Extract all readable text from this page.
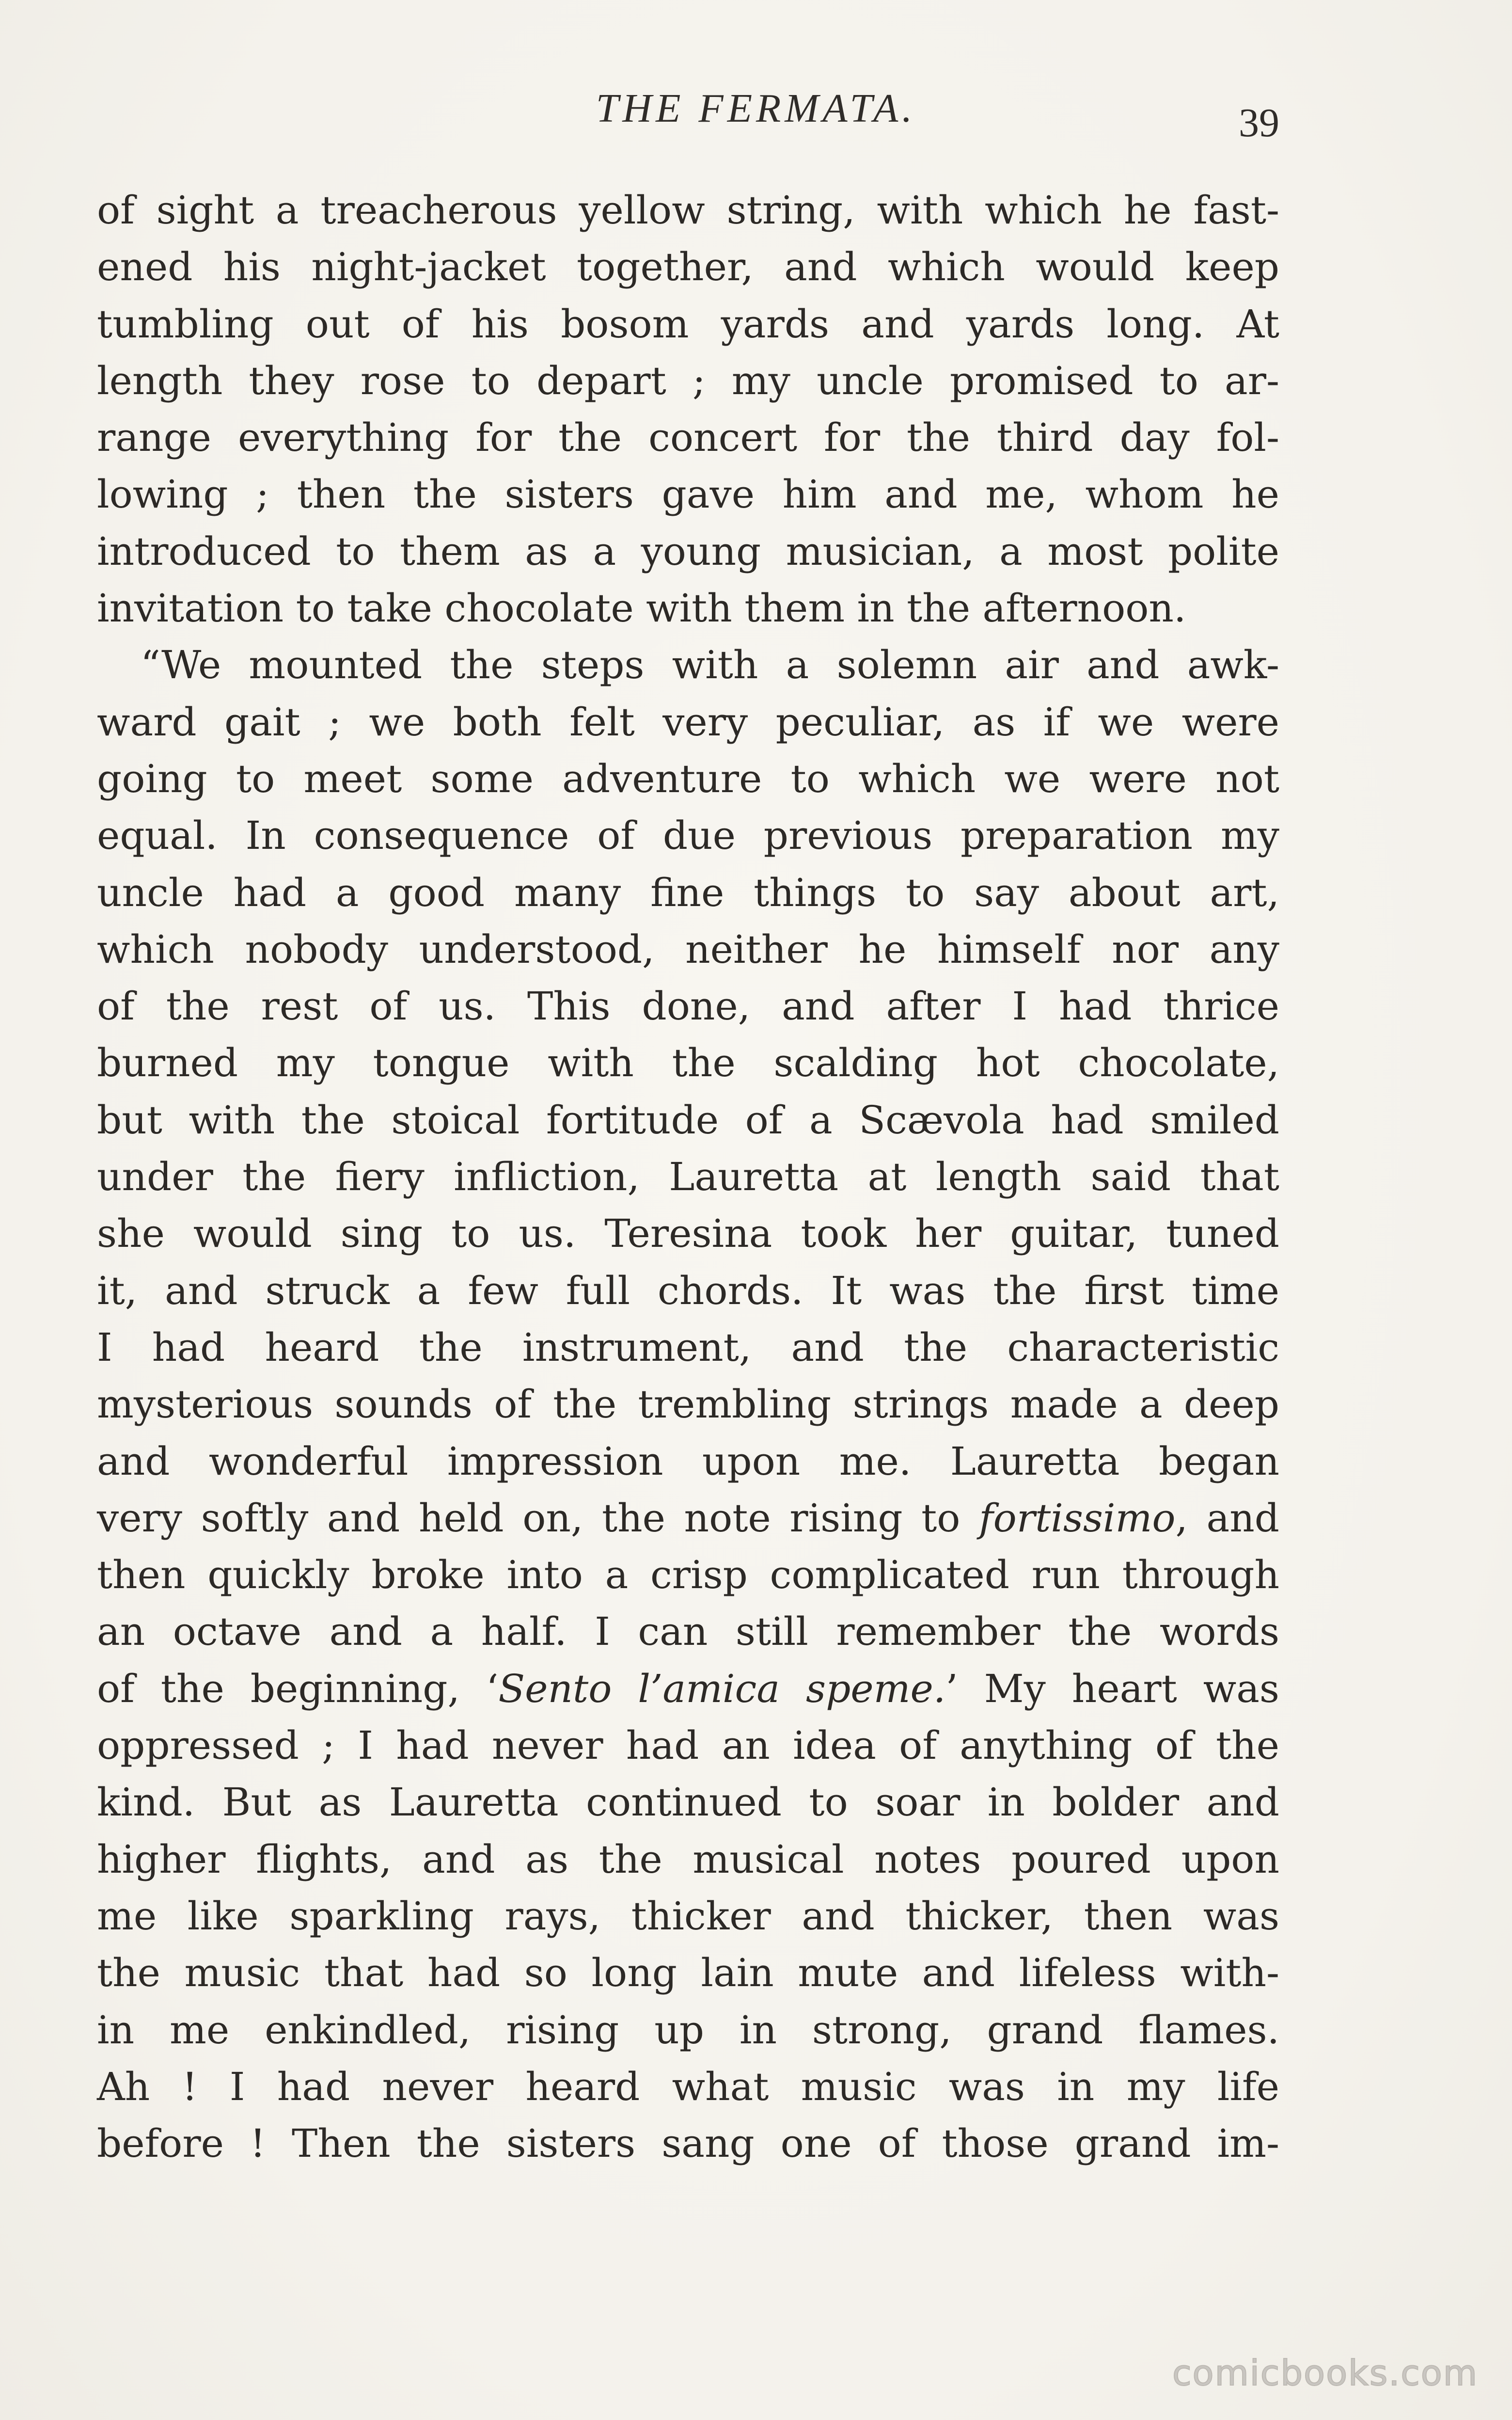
THE FERMATA.	39
of sight a treacherous yellow string, with which he fast-
ened his night-jacket together, and which would keep
tumbling out of his bosom yards and yards long. At
length they rose to depart ; my uncle promised to ar-
range everything for the concert for the third day fol-
lowing ; then the sisters gave him and me, whom he
introduced to them as a young musician, a most polite
invitation to take chocolate with them in the afternoon.
“We mounted the steps with a solemn air and awk-
ward gait ; we both felt very peculiar, as if we were
going to meet some adventure to which we were not
equal. In consequence of due previous preparation my
uncle had a good many fine things to say about art,
which nobody understood, neither he himself nor any
of the rest of us. This done, and after I had thrice
burned my tongue with the scalding hot chocolate,
but with the stoical fortitude of a Scævola had smiled
under the fiery infliction, Lauretta at length said that
she would sing to us. Teresina took her guitar, tuned
it, and struck a few full chords. It was the first time
I had heard the instrument, and the characteristic
mysterious sounds of the trembling strings made a deep
and wonderful impression upon me. Lauretta began
very softly and held on, the note rising to fortissimo, and
then quickly broke into a crisp complicated run through
an octave and a half. I can still remember the words
of the beginning, ‘Sento l’amica speme.’ My heart was
oppressed ; I had never had an idea of anything of the
kind. But as Lauretta continued to soar in bolder and
higher flights, and as the musical notes poured upon
me like sparkling rays, thicker and thicker, then was
the music that had so long lain mute and lifeless with-
in me enkindled, rising up in strong, grand flames.
Ah ! I had never heard what music was in my life
before ! Then the sisters sang one of those grand im-
comicbooks.com
